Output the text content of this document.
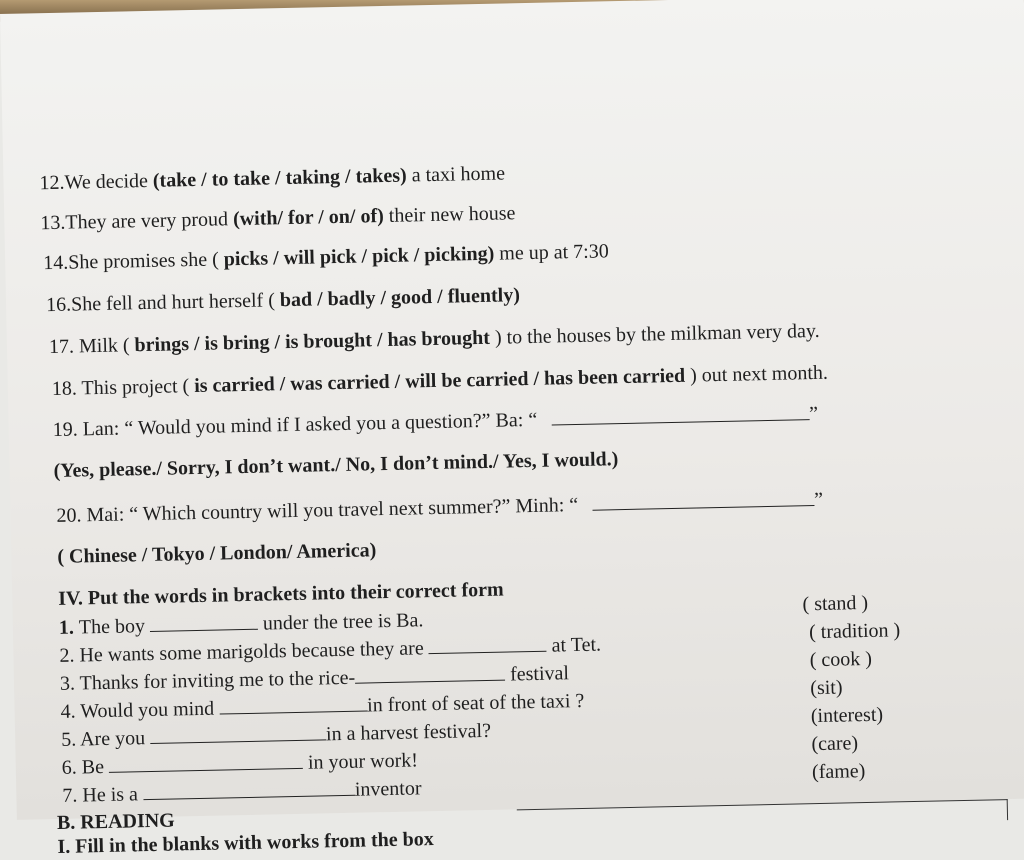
12.We decide (take / to take / taking / takes) a taxi home
13.They are very proud (with/ for / on/ of) their new house
14.She promises she ( picks / will pick / pick / picking) me up at 7:30
16.She fell and hurt herself ( bad / badly / good / fluently)
17. Milk ( brings / is bring / is brought / has brought ) to the houses by the milkman very day.
18. This project ( is carried / was carried / will be carried / has been carried ) out next month.
19. Lan: “ Would you mind if I asked you a question?” Ba: “	”
(Yes, please./ Sorry, I don’t want./ No, I don’t mind./ Yes, I would.)
20. Mai: “ Which country will you travel next summer?” Minh: “	”
( Chinese / Tokyo / London/ America)
IV. Put the words in brackets into their correct form
1. The boy	under the tree is Ba.
( stand )
2. He wants some marigolds because they are	at Tet.
( tradition )
3. Thanks for inviting me to the rice-	festival
( cook )
4. Would you mind	in front of seat of the taxi ?
(sit)
5. Are you	in a harvest festival?
(interest)
6. Be	in your work!
(care)
7. He is a	inventor
(fame)
B. READING
I. Fill in the blanks with works from the box
